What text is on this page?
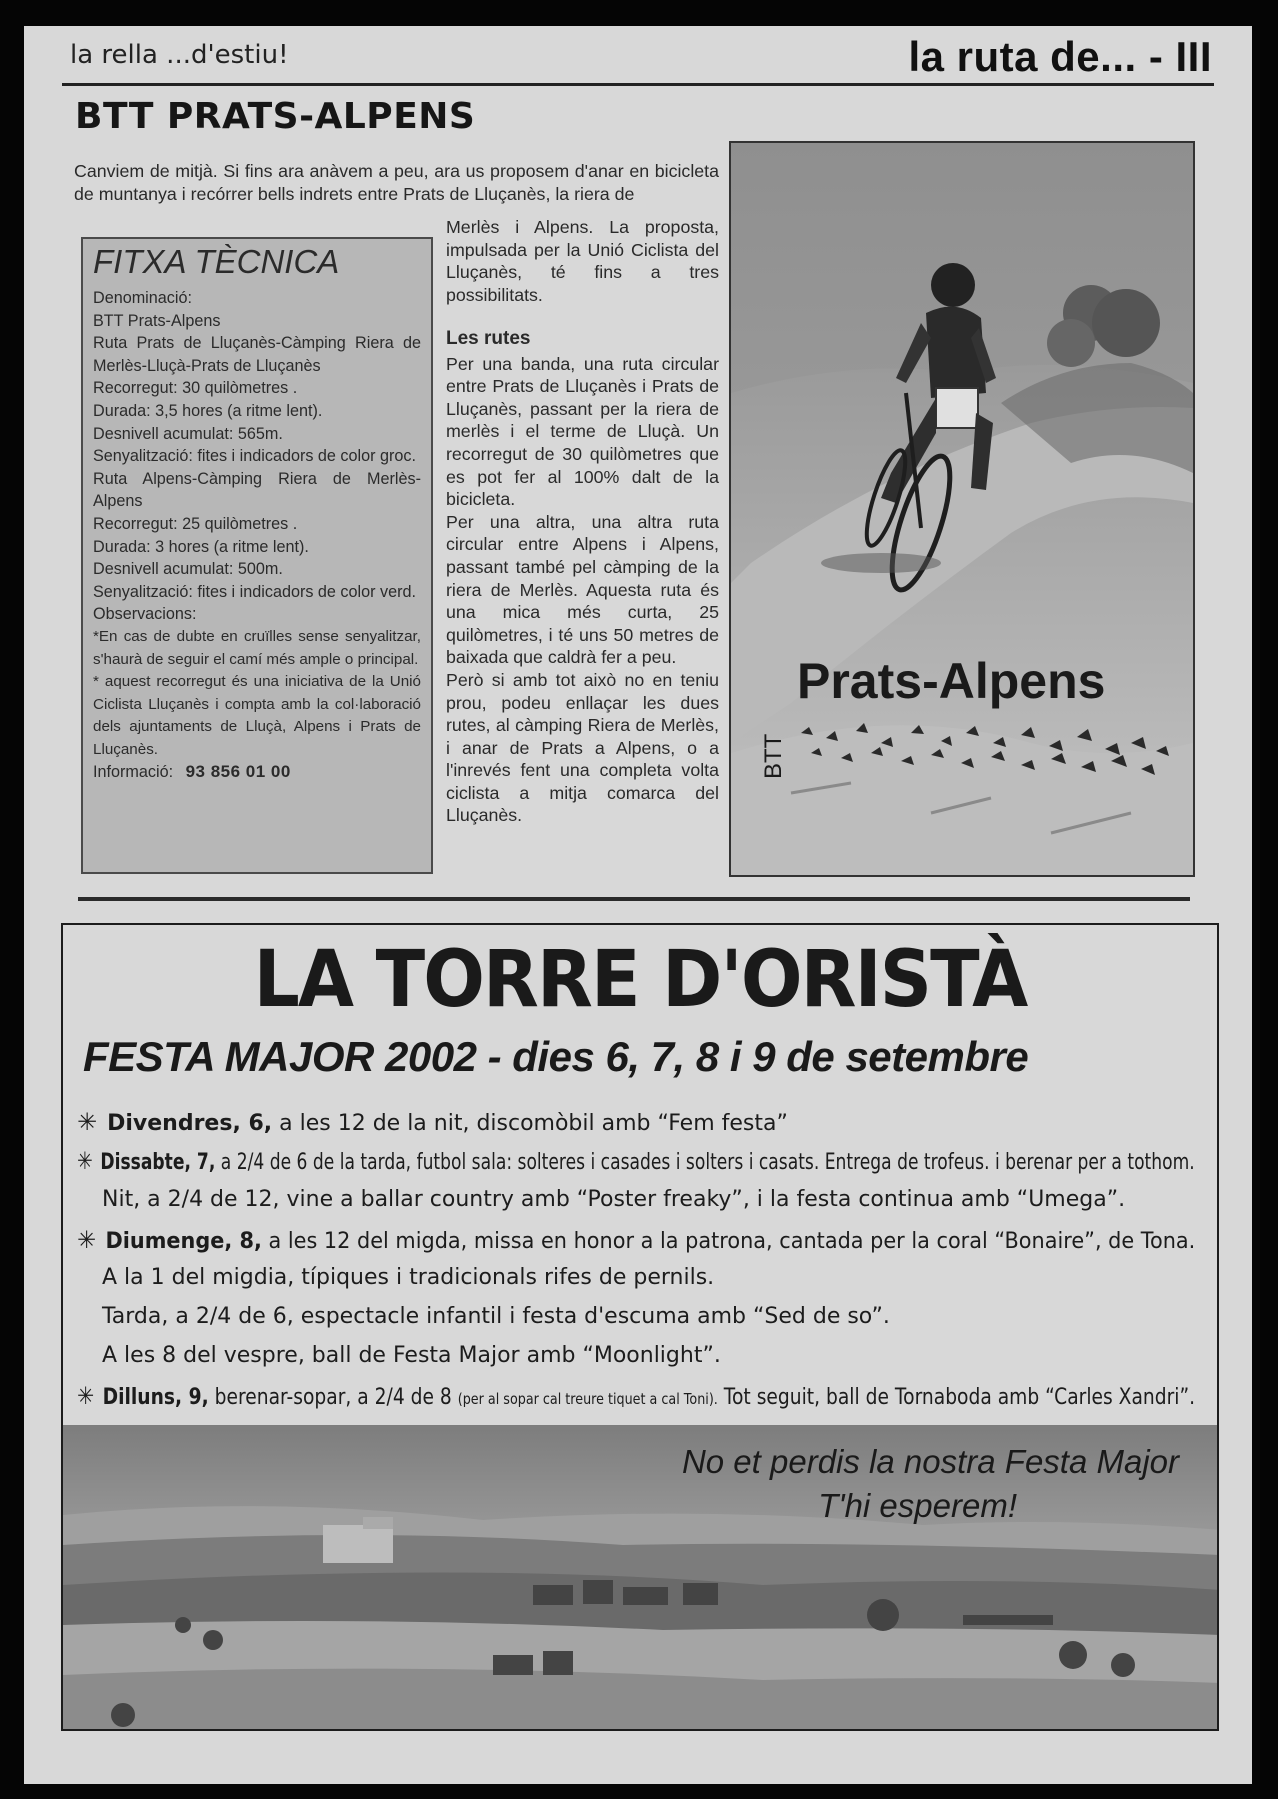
la rella ...d'estiu!	la ruta de... - III
BTT PRATS-ALPENS
Canviem de mitjà. Si fins ara anàvem a peu, ara us proposem d'anar en bicicleta de muntanya i recórrer bells indrets entre Prats de Lluçanès, la riera de
Merlès i Alpens. La proposta, impulsada per la Unió Ciclista del Lluçanès, té fins a tres possibilitats.
FITXA TÈCNICA
Denominació:
BTT Prats-Alpens
Ruta Prats de Lluçanès-Càmping Riera de Merlès-Lluçà-Prats de Lluçanès
Recorregut: 30 quilòmetres .
Durada: 3,5 hores (a ritme lent).
Desnivell acumulat: 565m.
Senyalització: fites i indicadors de color groc.
Ruta Alpens-Càmping Riera de Merlès-Alpens
Recorregut: 25 quilòmetres .
Durada: 3 hores (a ritme lent).
Desnivell acumulat: 500m.
Senyalització: fites i indicadors de color verd.
Observacions:
*En cas de dubte en cruïlles sense senyalitzar, s'haurà de seguir el camí més ample o principal.
* aquest recorregut és una iniciativa de la Unió Ciclista Lluçanès i compta amb la col·laboració dels ajuntaments de Lluçà, Alpens i Prats de Lluçanès.
Informació: 93 856 01 00
Les rutes

Per una banda, una ruta circular entre Prats de Lluçanès i Prats de Lluçanès, passant per la riera de merlès i el terme de Lluçà. Un recorregut de 30 quilòmetres que es pot fer al 100% dalt de la bicicleta.

Per una altra, una altra ruta circular entre Alpens i Alpens, passant també pel càmping de la riera de Merlès. Aquesta ruta és una mica més curta, 25 quilòmetres, i té uns 50 metres de baixada que caldrà fer a peu.

Però si amb tot això no en teniu prou, podeu enllaçar les dues rutes, al càmping Riera de Merlès, i anar de Prats a Alpens, o a l'inrevés fent una completa volta ciclista a mitja comarca del Lluçanès.

Prats-Alpens
BTT
LA TORRE D'ORISTÀ
FESTA MAJOR 2002 - dies 6, 7, 8 i 9 de setembre
✳ Divendres, 6, a les 12 de la nit, discomòbil amb “Fem festa”
✳ Dissabte, 7, a 2/4 de 6 de la tarda, futbol sala: solteres i casades i solters i casats. Entrega de trofeus. i berenar per a tothom.
Nit, a 2/4 de 12, vine a ballar country amb “Poster freaky”, i la festa continua amb “Umega”.
✳ Diumenge, 8, a les 12 del migda, missa en honor a la patrona, cantada per la coral “Bonaire”, de Tona.
A la 1 del migdia, típiques i tradicionals rifes de pernils.
Tarda, a 2/4 de 6, espectacle infantil i festa d'escuma amb “Sed de so”.
A les 8 del vespre, ball de Festa Major amb “Moonlight”.
✳ Dilluns, 9, berenar-sopar, a 2/4 de 8 (per al sopar cal treure tiquet a cal Toni). Tot seguit, ball de Tornaboda amb “Carles Xandri”.
No et perdis la nostra Festa Major
T'hi esperem!
